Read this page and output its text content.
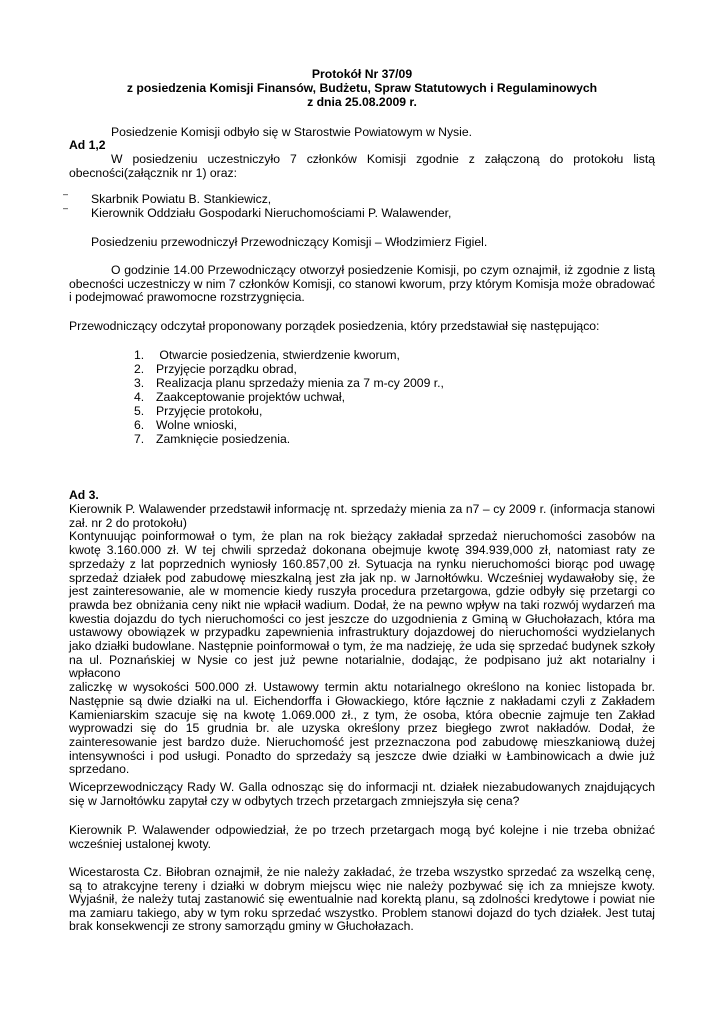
Protokół Nr 37/09
z posiedzenia Komisji Finansów, Budżetu, Spraw Statutowych i Regulaminowych
z dnia 25.08.2009 r.
Posiedzenie Komisji odbyło się w Starostwie Powiatowym w Nysie.
Ad 1,2
W posiedzeniu uczestniczyło 7 członków Komisji zgodnie z załączoną do protokołu listą
obecności(załącznik nr 1) oraz:
–
–
Skarbnik Powiatu B. Stankiewicz,
Kierownik Oddziału Gospodarki Nieruchomościami P. Walawender,
Posiedzeniu przewodniczył Przewodniczący Komisji – Włodzimierz Figiel.
O godzinie 14.00 Przewodniczący otworzył posiedzenie Komisji, po czym oznajmił, iż zgodnie z listą
obecności uczestniczy w nim 7 członków Komisji, co stanowi kworum, przy którym Komisja może obradować
i podejmować prawomocne rozstrzygnięcia.
Przewodniczący odczytał proponowany porządek posiedzenia, który przedstawiał się następująco:
1. Otwarcie posiedzenia, stwierdzenie kworum,
2. Przyjęcie porządku obrad,
3. Realizacja planu sprzedaży mienia za 7 m-cy 2009 r.,
4. Zaakceptowanie projektów uchwał,
5. Przyjęcie protokołu,
6. Wolne wnioski,
7. Zamknięcie posiedzenia.
Ad 3.
Kierownik P. Walawender przedstawił informację nt. sprzedaży mienia za n7 – cy 2009 r. (informacja stanowi
zał. nr 2 do protokołu)
Kontynuując poinformował o tym, że plan na rok bieżący zakładał sprzedaż nieruchomości zasobów na
kwotę 3.160.000 zł. W tej chwili sprzedaż dokonana obejmuje kwotę 394.939,000 zł, natomiast raty ze
sprzedaży z lat poprzednich wyniosły 160.857,00 zł. Sytuacja na rynku nieruchomości biorąc pod uwagę
sprzedaż działek pod zabudowę mieszkalną jest zła jak np. w Jarnołtówku. Wcześniej wydawałoby się, że
jest zainteresowanie, ale w momencie kiedy ruszyła procedura przetargowa, gdzie odbyły się przetargi co
prawda bez obniżania ceny nikt nie wpłacił wadium. Dodał, że na pewno wpływ na taki rozwój wydarzeń ma
kwestia dojazdu do tych nieruchomości co jest jeszcze do uzgodnienia z Gminą w Głuchołazach, która ma
ustawowy obowiązek w przypadku zapewnienia infrastruktury dojazdowej do nieruchomości wydzielanych
jako działki budowlane. Następnie poinformował o tym, że ma nadzieję, że uda się sprzedać budynek szkoły
na ul. Poznańskiej w Nysie co jest już pewne notarialnie, dodając, że podpisano już akt notarialny i wpłacono
zaliczkę w wysokości 500.000 zł. Ustawowy termin aktu notarialnego określono na koniec listopada br.
Następnie są dwie działki na ul. Eichendorffa i Głowackiego, które łącznie z nakładami czyli z Zakładem
Kamieniarskim szacuje się na kwotę 1.069.000 zł., z tym, że osoba, która obecnie zajmuje ten Zakład
wyprowadzi się do 15 grudnia br. ale uzyska określony przez biegłego zwrot nakładów. Dodał, że
zainteresowanie jest bardzo duże. Nieruchomość jest przeznaczona pod zabudowę mieszkaniową dużej
intensywności i pod usługi. Ponadto do sprzedaży są jeszcze dwie działki w Łambinowicach a dwie już
sprzedano.
Wiceprzewodniczący Rady W. Galla odnosząc się do informacji nt. działek niezabudowanych znajdujących
się w Jarnołtówku zapytał czy w odbytych trzech przetargach zmniejszyła się cena?
Kierownik P. Walawender odpowiedział, że po trzech przetargach mogą być kolejne i nie trzeba obniżać
wcześniej ustalonej kwoty.
Wicestarosta Cz. Biłobran oznajmił, że nie należy zakładać, że trzeba wszystko sprzedać za wszelką cenę,
są to atrakcyjne tereny i działki w dobrym miejscu więc nie należy pozbywać się ich za mniejsze kwoty.
Wyjaśnił, że należy tutaj zastanowić się ewentualnie nad korektą planu, są zdolności kredytowe i powiat nie
ma zamiaru takiego, aby w tym roku sprzedać wszystko. Problem stanowi dojazd do tych działek. Jest tutaj
brak konsekwencji ze strony samorządu gminy w Głuchołazach.
